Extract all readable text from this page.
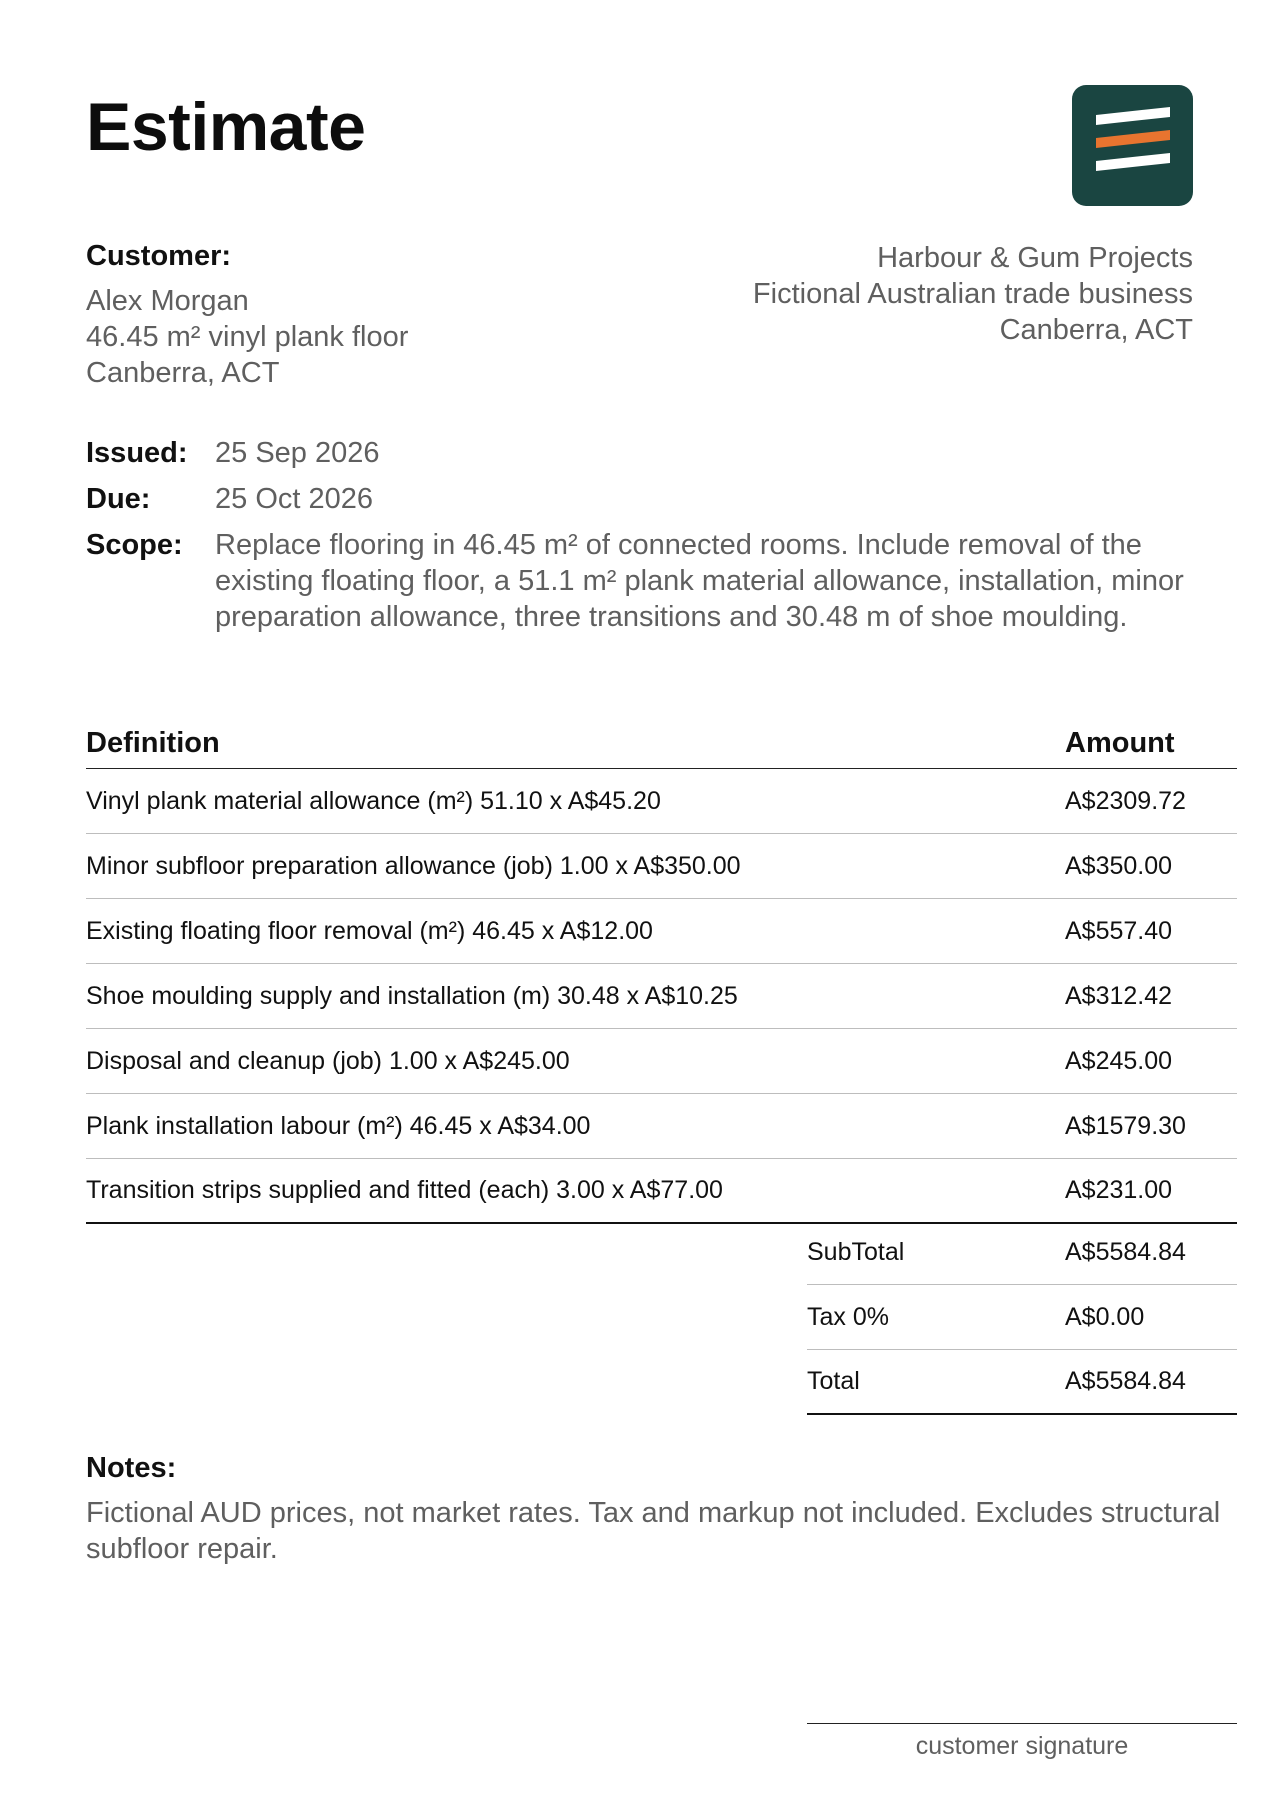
Estimate
Customer:
Alex Morgan
46.45 m² vinyl plank floor
Canberra, ACT
Harbour & Gum Projects
Fictional Australian trade business
Canberra, ACT
Issued: 25 Sep 2026
Due:	25 Oct 2026
Scope:	Replace flooring in 46.45 m² of connected rooms. Include removal of the existing floating floor, a 51.1 m² plank material allowance, installation, minor preparation allowance, three transitions and 30.48 m of shoe moulding.
Definition	Amount
Vinyl plank material allowance (m²) 51.10 x A$45.20	A$2309.72
Minor subfloor preparation allowance (job) 1.00 x A$350.00	A$350.00
Existing floating floor removal (m²) 46.45 x A$12.00	A$557.40
Shoe moulding supply and installation (m) 30.48 x A$10.25	A$312.42
Disposal and cleanup (job) 1.00 x A$245.00	A$245.00
Plank installation labour (m²) 46.45 x A$34.00	A$1579.30
Transition strips supplied and fitted (each) 3.00 x A$77.00	A$231.00
SubTotal	A$5584.84
Tax 0%	A$0.00
Total	A$5584.84
Notes:
Fictional AUD prices, not market rates. Tax and markup not included. Excludes structural subfloor repair.
customer signature
